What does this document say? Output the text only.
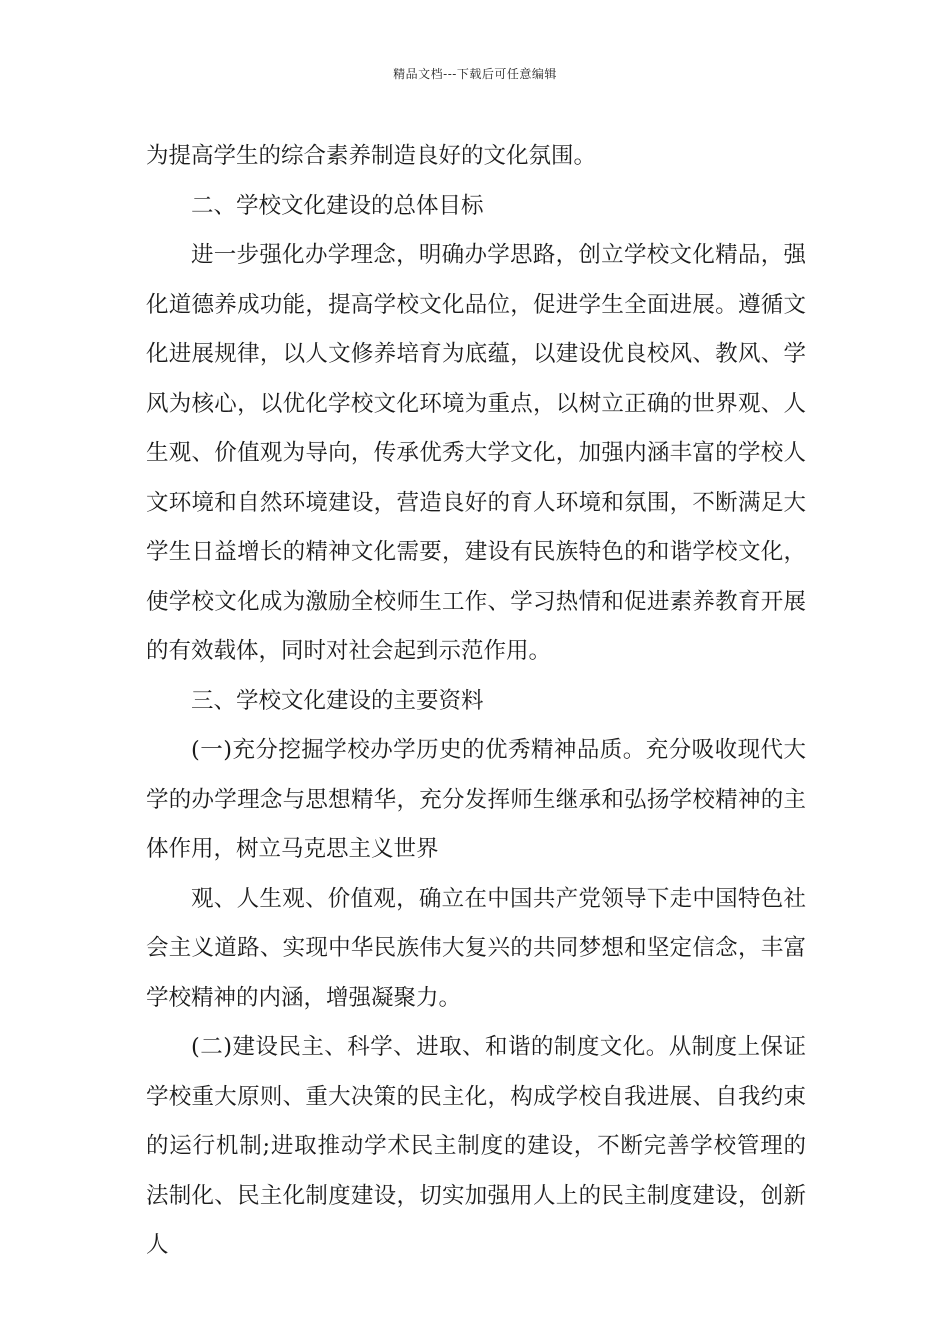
精品文档---下载后可任意编辑

为提高学生的综合素养制造良好的文化氛围。

二、学校文化建设的总体目标

进一步强化办学理念，明确办学思路，创立学校文化精品，强化道德养成功能，提高学校文化品位，促进学生全面进展。遵循文化进展规律，以人文修养培育为底蕴，以建设优良校风、教风、学风为核心，以优化学校文化环境为重点，以树立正确的世界观、人生观、价值观为导向，传承优秀大学文化，加强内涵丰富的学校人文环境和自然环境建设，营造良好的育人环境和氛围，不断满足大学生日益增长的精神文化需要，建设有民族特色的和谐学校文化，使学校文化成为激励全校师生工作、学习热情和促进素养教育开展的有效载体，同时对社会起到示范作用。

三、学校文化建设的主要资料

(一)充分挖掘学校办学历史的优秀精神品质。充分吸收现代大学的办学理念与思想精华，充分发挥师生继承和弘扬学校精神的主体作用，树立马克思主义世界

观、人生观、价值观，确立在中国共产党领导下走中国特色社会主义道路、实现中华民族伟大复兴的共同梦想和坚定信念，丰富学校精神的内涵，增强凝聚力。

(二)建设民主、科学、进取、和谐的制度文化。从制度上保证学校重大原则、重大决策的民主化，构成学校自我进展、自我约束的运行机制;进取推动学术民主制度的建设，不断完善学校管理的法制化、民主化制度建设，切实加强用人上的民主制度建设，创新人
